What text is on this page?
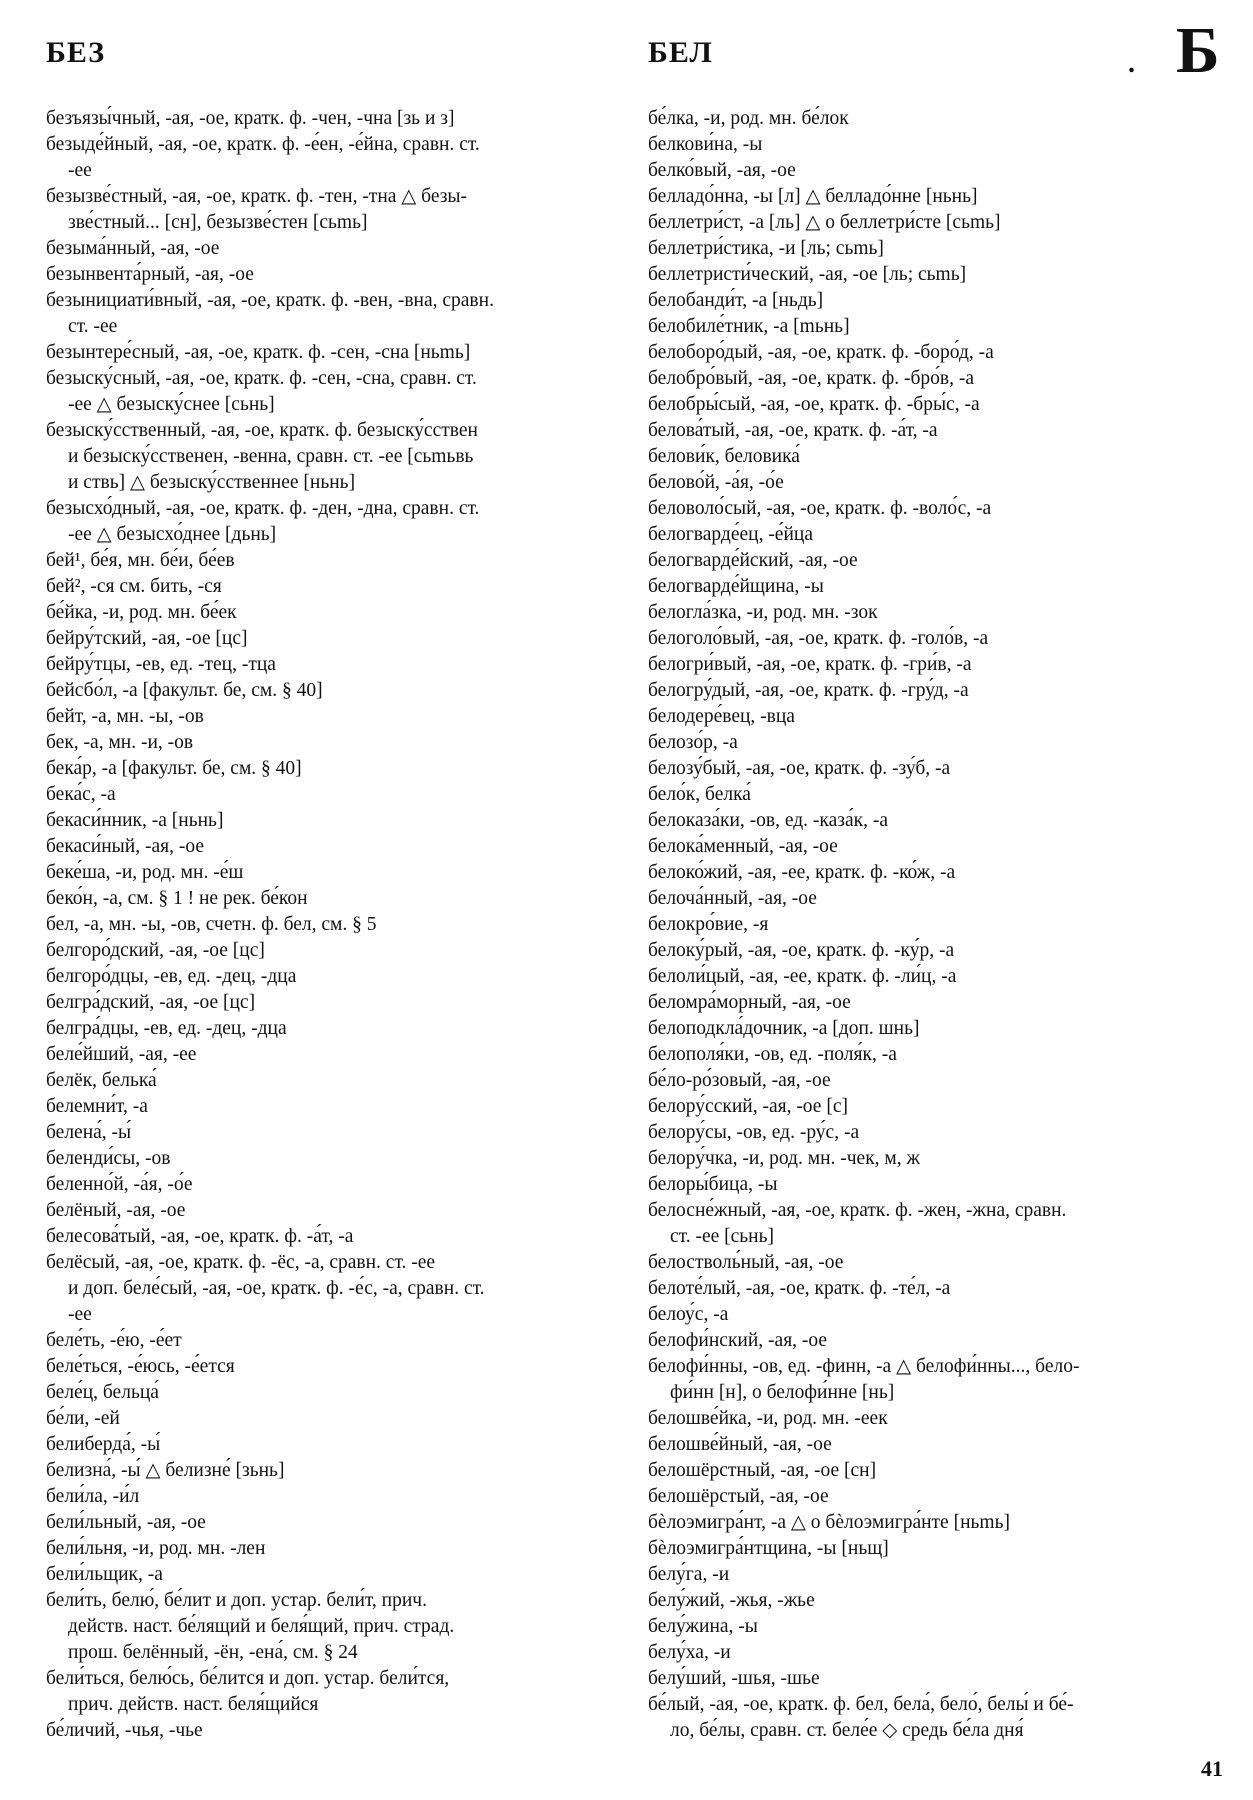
БЕЗ	БЕЛ	. Б
безъязы́чный, -ая, -ое, кратк. ф. -чен, -чна [зь и з]
безыде́йный, -ая, -ое, кратк. ф. -е́ен, -е́йна, сравн. ст.
-ее
безызве́стный, -ая, -ое, кратк. ф. -тен, -тна △ безы-
зве́стный... [сн], безызве́стен [сьmь]
безыма́нный, -ая, -ое
безынвента́рный, -ая, -ое
безынициати́вный, -ая, -ое, кратк. ф. -вен, -вна, сравн.
ст. -ее
безынтере́сный, -ая, -ое, кратк. ф. -сен, -сна [ньmь]
безыску́сный, -ая, -ое, кратк. ф. -сен, -сна, сравн. ст.
-ее △ безыску́снее [сьнь]
безыску́сственный, -ая, -ое, кратк. ф. безыску́сствен
и безыску́сственен, -венна, сравн. ст. -ее [сьmьвь
и ствь] △ безыску́сственнее [ньнь]
безысхо́дный, -ая, -ое, кратк. ф. -ден, -дна, сравн. ст.
-ее △ безысхо́днее [дьнь]
бей¹, бе́я, мн. бе́и, бе́ев
бей², -ся см. бить, -ся
бе́йка, -и, род. мн. бе́ек
бейру́тский, -ая, -ое [цс]
бейру́тцы, -ев, ед. -тец, -тца
бейсбо́л, -а [факульт. бе, см. § 40]
бейт, -а, мн. -ы, -ов
бек, -а, мн. -и, -ов
бека́р, -а [факульт. бе, см. § 40]
бека́с, -а
бекаси́нник, -а [ньнь]
бекаси́ный, -ая, -ое
беке́ша, -и, род. мн. -е́ш
беко́н, -а, см. § 1 ! не рек. бе́кон
бел, -а, мн. -ы, -ов, счетн. ф. бел, см. § 5
белгоро́дский, -ая, -ое [цс]
белгоро́дцы, -ев, ед. -дец, -дца
белгра́дский, -ая, -ое [цс]
белгра́дцы, -ев, ед. -дец, -дца
беле́йший, -ая, -ее
белёк, белька́
белемни́т, -а
белена́, -ы́
беленди́сы, -ов
беленно́й, -а́я, -о́е
белёный, -ая, -ое
белесова́тый, -ая, -ое, кратк. ф. -а́т, -а
белёсый, -ая, -ое, кратк. ф. -ёс, -а, сравн. ст. -ее
и доп. беле́сый, -ая, -ое, кратк. ф. -е́с, -а, сравн. ст.
-ее
беле́ть, -е́ю, -е́ет
беле́ться, -е́юсь, -е́ется
беле́ц, бельца́
бе́ли, -ей
белиберда́, -ы́
белизна́, -ы́ △ белизне́ [зьнь]
бели́ла, -и́л
бели́льный, -ая, -ое
бели́льня, -и, род. мн. -лен
бели́льщик, -а
бели́ть, белю́, бе́лит и доп. устар. бели́т, прич.
действ. наст. бе́лящий и беля́щий, прич. страд.
прош. белённый, -ён, -ена́, см. § 24
бели́ться, белю́сь, бе́лится и доп. устар. бели́тся,
прич. действ. наст. беля́щийся
бе́личий, -чья, -чье
бе́лка, -и, род. мн. бе́лок
белкови́на, -ы
белко́вый, -ая, -ое
белладо́нна, -ы [л] △ белладо́нне [ньнь]
беллетри́ст, -а [ль] △ о беллетри́сте [сьmь]
беллетри́стика, -и [ль; сьmь]
беллетристи́ческий, -ая, -ое [ль; сьmь]
белобанди́т, -а [ньдь]
белобиле́тник, -а [mьнь]
белоборо́дый, -ая, -ое, кратк. ф. -боро́д, -а
белобро́вый, -ая, -ое, кратк. ф. -бро́в, -а
белобры́сый, -ая, -ое, кратк. ф. -бры́с, -а
белова́тый, -ая, -ое, кратк. ф. -а́т, -а
белови́к, беловика́
белово́й, -а́я, -о́е
беловоло́сый, -ая, -ое, кратк. ф. -воло́с, -а
белогварде́ец, -е́йца
белогварде́йский, -ая, -ое
белогварде́йщина, -ы
белогла́зка, -и, род. мн. -зок
белоголо́вый, -ая, -ое, кратк. ф. -голо́в, -а
белогри́вый, -ая, -ое, кратк. ф. -гри́в, -а
белогру́дый, -ая, -ое, кратк. ф. -гру́д, -а
белодере́вец, -вца
белозо́р, -а
белозу́бый, -ая, -ое, кратк. ф. -зу́б, -а
бело́к, белка́
белоказа́ки, -ов, ед. -каза́к, -а
белока́менный, -ая, -ое
белоко́жий, -ая, -ее, кратк. ф. -ко́ж, -а
белоча́нный, -ая, -ое
белокро́вие, -я
белоку́рый, -ая, -ое, кратк. ф. -ку́р, -а
белоли́цый, -ая, -ее, кратк. ф. -ли́ц, -а
беломра́морный, -ая, -ое
белоподкла́дочник, -а [доп. шнь]
белополя́ки, -ов, ед. -поля́к, -а
бе́ло-ро́зовый, -ая, -ое
белору́сский, -ая, -ое [с]
белору́сы, -ов, ед. -ру́с, -а
белору́чка, -и, род. мн. -чек, м, ж
белоры́бица, -ы
белосне́жный, -ая, -ое, кратк. ф. -жен, -жна, сравн.
ст. -ее [сьнь]
белостволь́ный, -ая, -ое
белоте́лый, -ая, -ое, кратк. ф. -те́л, -а
белоу́с, -а
белофи́нский, -ая, -ое
белофи́нны, -ов, ед. -финн, -а △ белофи́нны..., бело-
фи́нн [н], о белофи́нне [нь]
белошве́йка, -и, род. мн. -еек
белошве́йный, -ая, -ое
белошёрстный, -ая, -ое [сн]
белошёрстый, -ая, -ое
бѐлоэмигра́нт, -а △ о бѐлоэмигра́нте [ньmь]
бѐлоэмигра́нтщина, -ы [ньщ]
белу́га, -и
белу́жий, -жья, -жье
белу́жина, -ы
белу́ха, -и
белу́ший, -шья, -шье
бе́лый, -ая, -ое, кратк. ф. бел, бела́, бело́, белы́ и бе́-
ло, бе́лы, сравн. ст. беле́е ◇ средь бе́ла дня́
41
